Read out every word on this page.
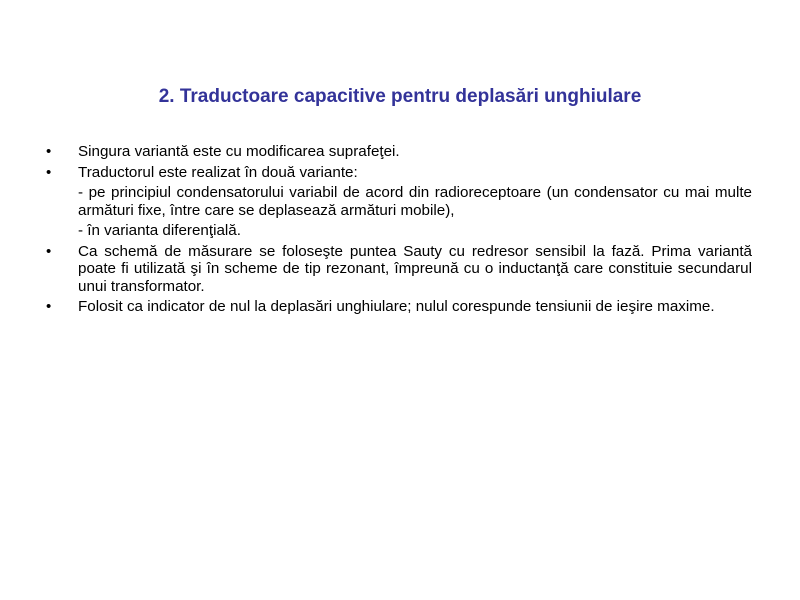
2. Traductoare capacitive pentru deplasări unghiulare
•	Singura variantă este cu modificarea suprafeţei.
•	Traductorul este realizat în două variante:
- pe principiul condensatorului variabil de acord din radioreceptoare (un condensator cu mai multe armături fixe, între care se deplasează armături mobile),
- în varianta diferenţială.
•	Ca schemă de măsurare se foloseşte puntea Sauty cu redresor sensibil la fază. Prima variantă poate fi utilizată şi în scheme de tip rezonant, împreună cu o inductanţă care constituie secundarul unui transformator.
•	Folosit ca indicator de nul la deplasări unghiulare; nulul corespunde tensiunii de ieşire maxime.
